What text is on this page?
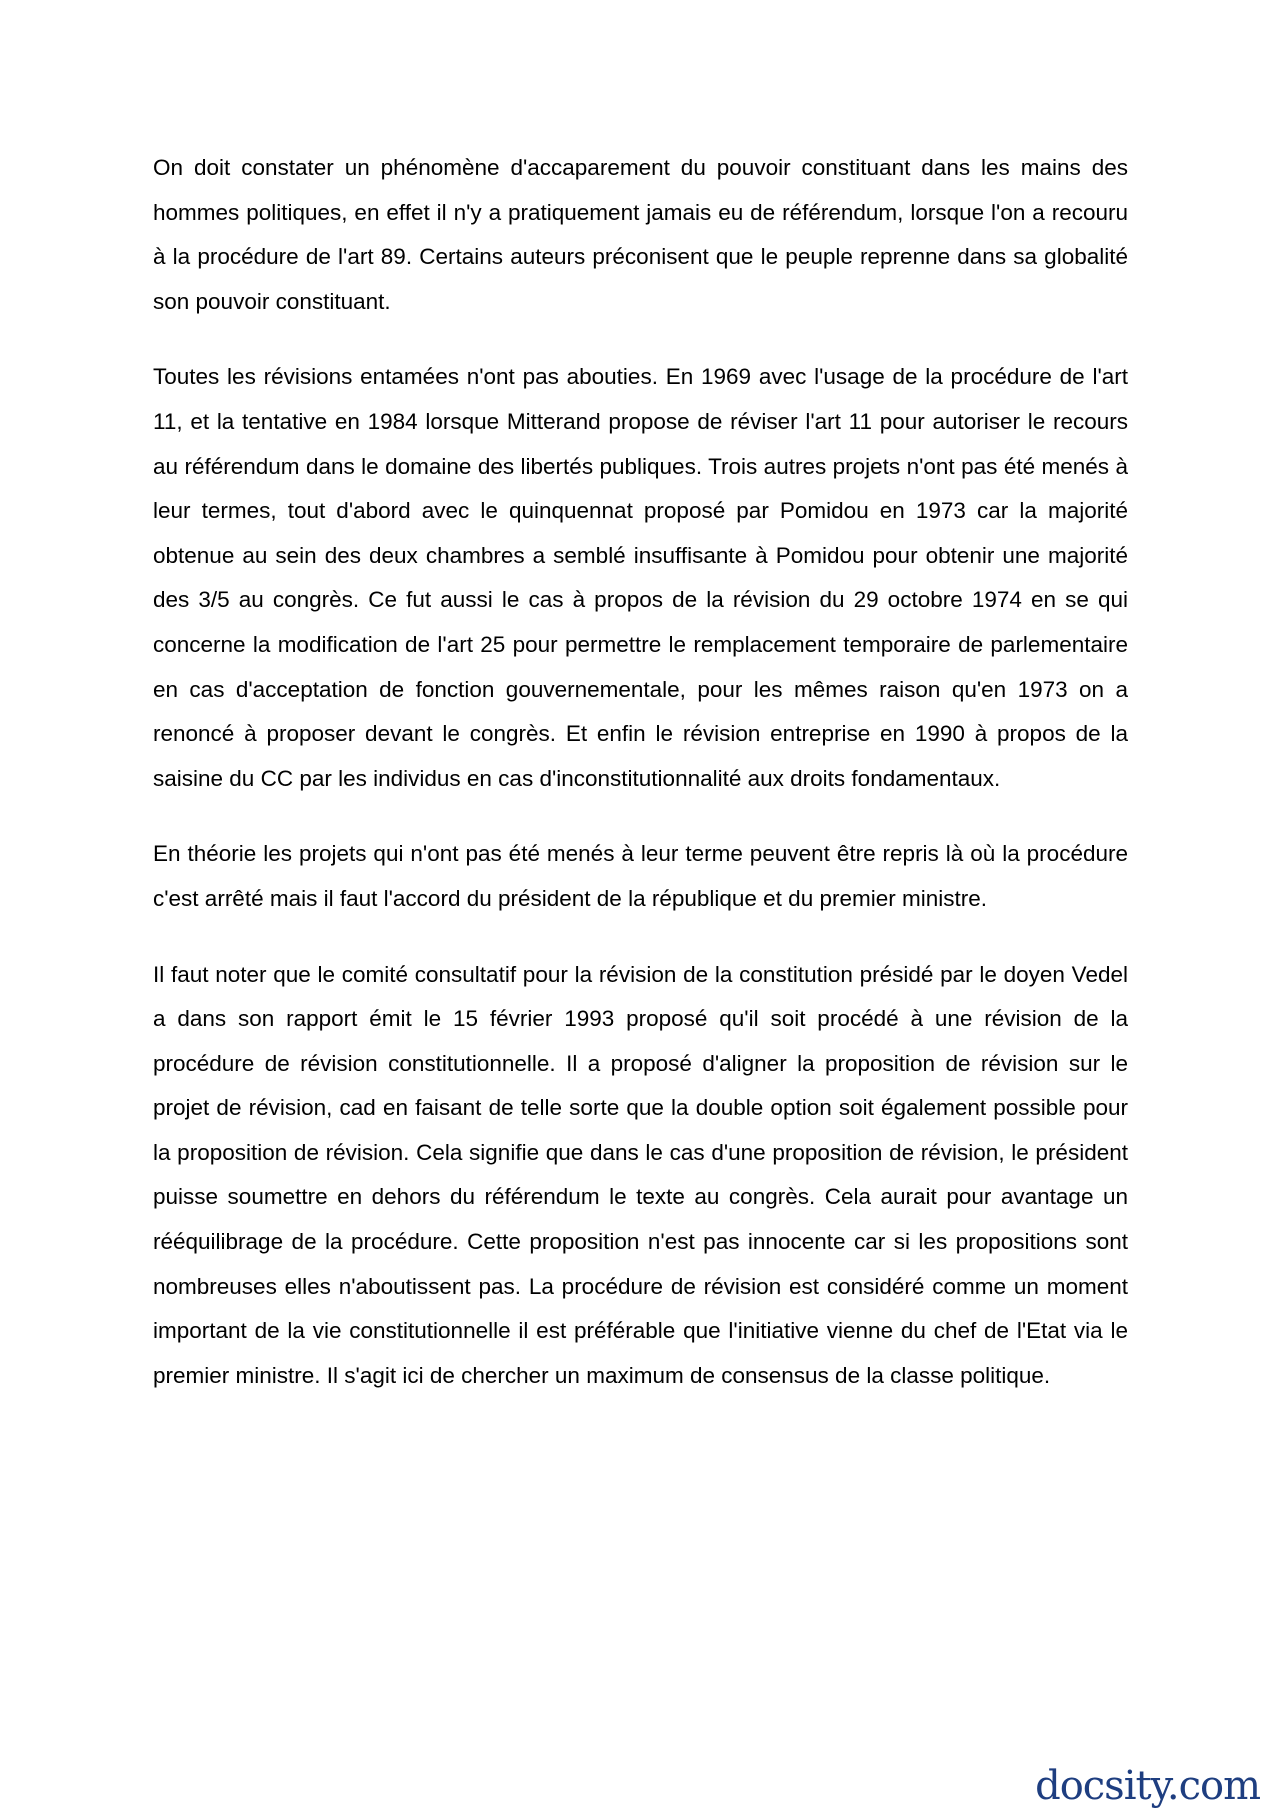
On doit constater un phénomène d'accaparement du pouvoir constituant dans les mains des hommes politiques, en effet il n'y a pratiquement jamais eu de référendum, lorsque l'on a recouru à la procédure de l'art 89. Certains auteurs préconisent que le peuple reprenne dans sa globalité son pouvoir constituant.

Toutes les révisions entamées n'ont pas abouties. En 1969 avec l'usage de la procédure de l'art 11, et la tentative en 1984 lorsque Mitterand propose de réviser l'art 11 pour autoriser le recours au référendum dans le domaine des libertés publiques. Trois autres projets n'ont pas été menés à leur termes, tout d'abord avec le quinquennat proposé par Pomidou en 1973 car la majorité obtenue au sein des deux chambres a semblé insuffisante à Pomidou pour obtenir une majorité des 3/5 au congrès. Ce fut aussi le cas à propos de la révision du 29 octobre 1974 en se qui concerne la modification de l'art 25 pour permettre le remplacement temporaire de parlementaire en cas d'acceptation de fonction gouvernementale, pour les mêmes raison qu'en 1973 on a renoncé à proposer devant le congrès. Et enfin le révision entreprise en 1990 à propos de la saisine du CC par les individus en cas d'inconstitutionnalité aux droits fondamentaux.

En théorie les projets qui n'ont pas été menés à leur terme peuvent être repris là où la procédure c'est arrêté mais il faut l'accord du président de la république et du premier ministre.

Il faut noter que le comité consultatif pour la révision de la constitution présidé par le doyen Vedel a dans son rapport émit le 15 février 1993 proposé qu'il soit procédé à une révision de la procédure de révision constitutionnelle. Il a proposé d'aligner la proposition de révision sur le projet de révision, cad en faisant de telle sorte que la double option soit également possible pour la proposition de révision. Cela signifie que dans le cas d'une proposition de révision, le président puisse soumettre en dehors du référendum le texte au congrès. Cela aurait pour avantage un rééquilibrage de la procédure. Cette proposition n'est pas innocente car si les propositions sont nombreuses elles n'aboutissent pas. La procédure de révision est considéré comme un moment important de la vie constitutionnelle il est préférable que l'initiative vienne du chef de l'Etat via le premier ministre. Il s'agit ici de chercher un maximum de consensus de la classe politique.

docsity.com
